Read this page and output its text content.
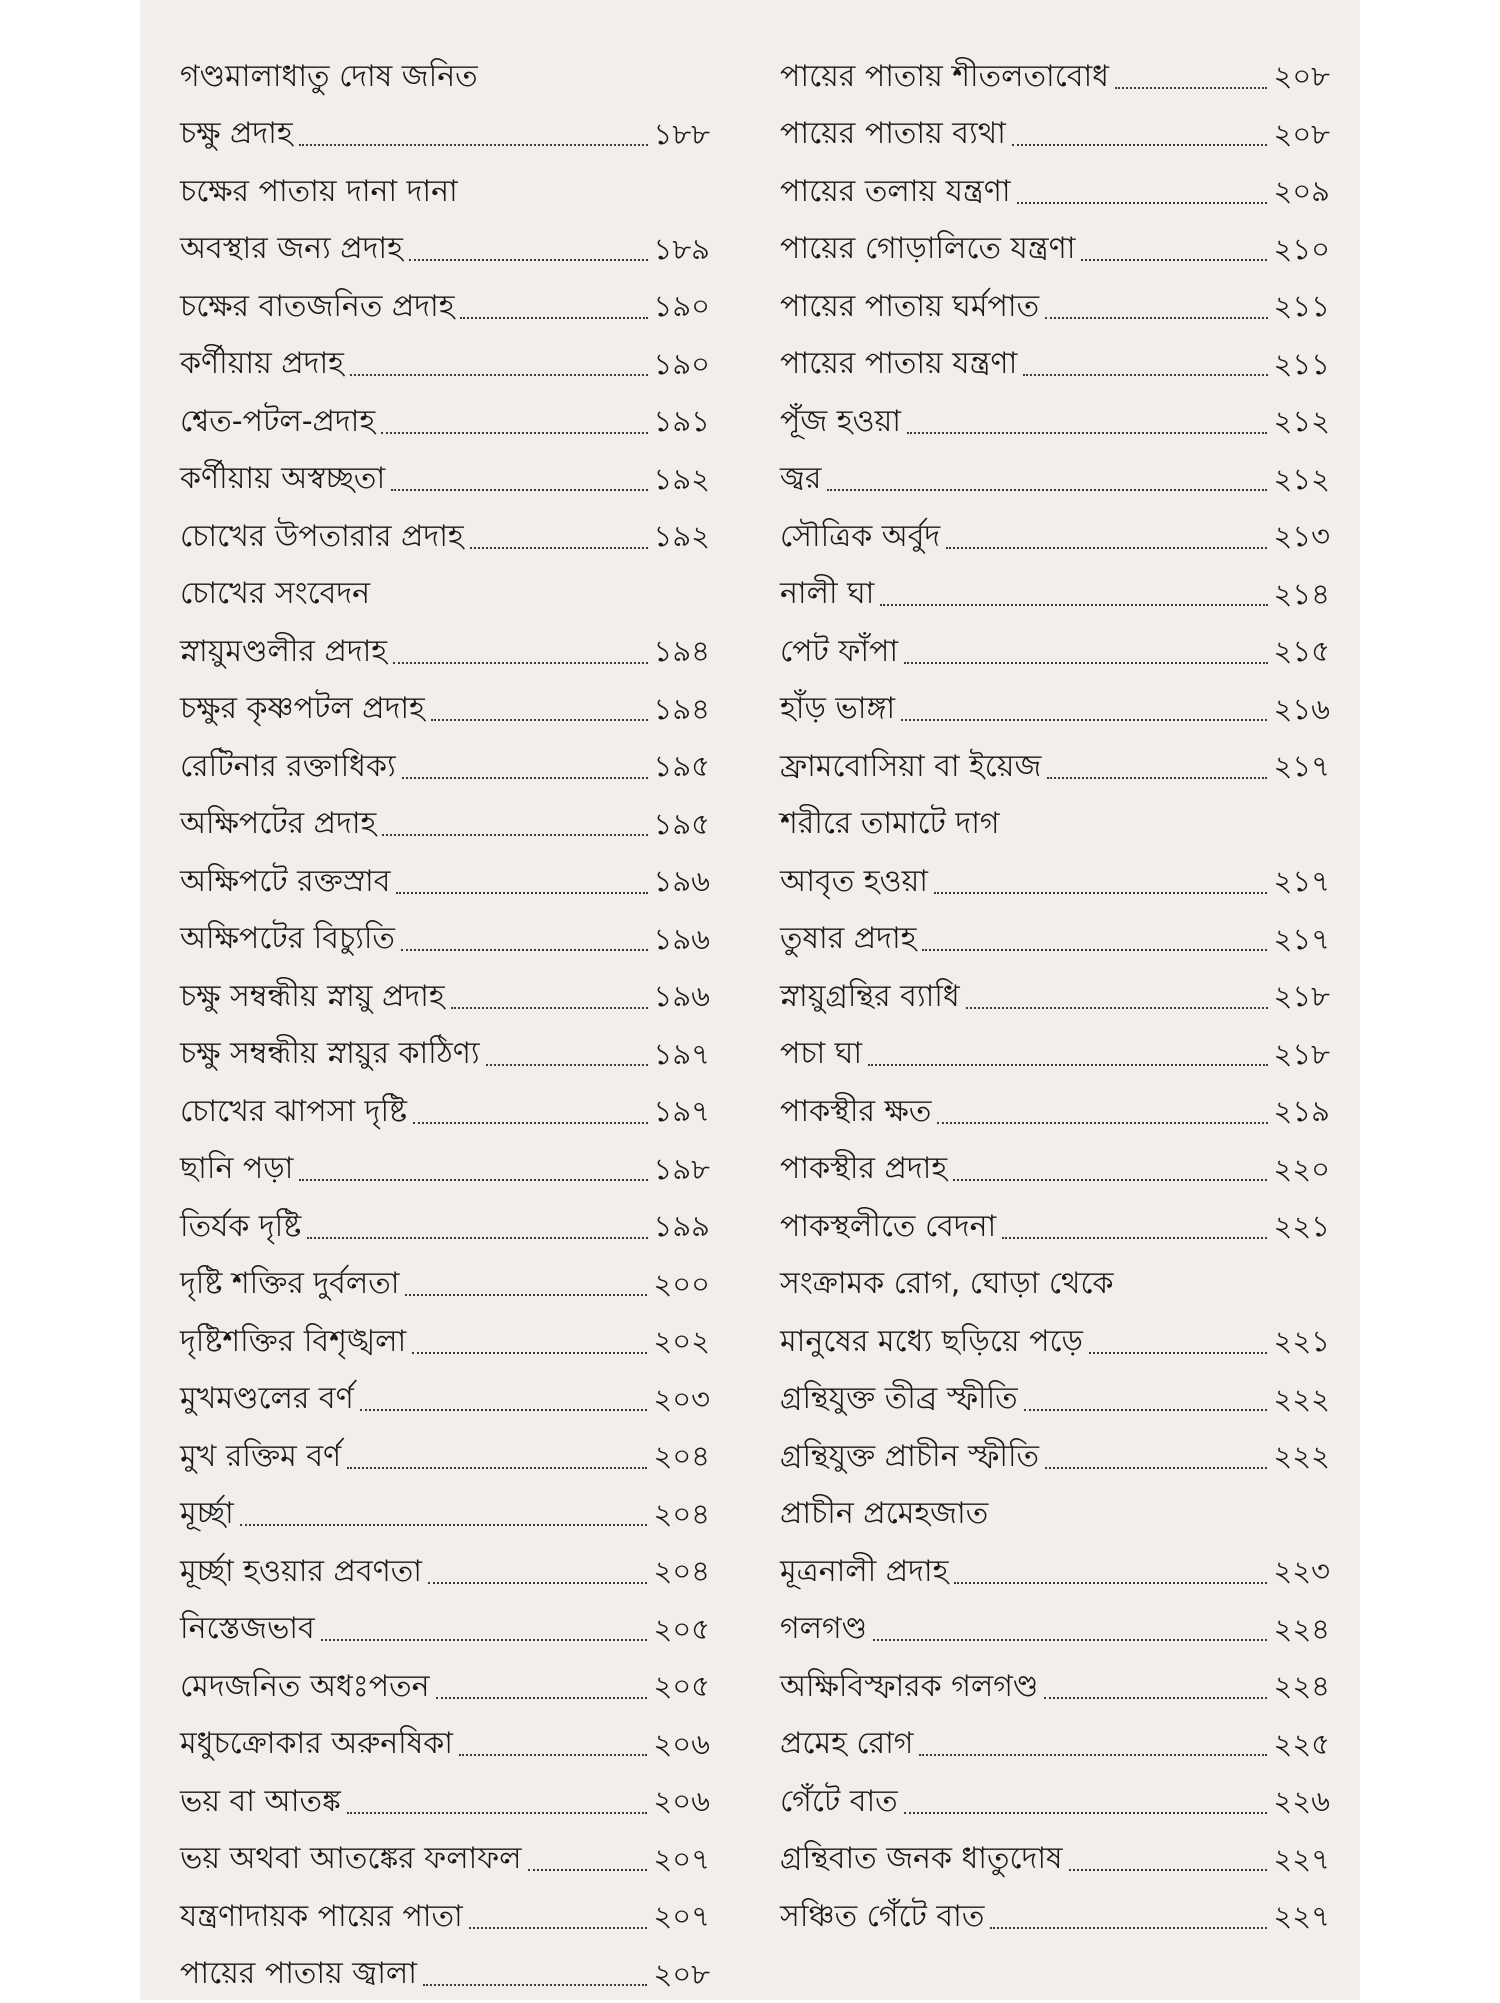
গণ্ডমালাধাতু দোষ জনিত
চক্ষু প্রদাহ	১৮৮
চক্ষের পাতায় দানা দানা
অবস্থার জন্য প্রদাহ	১৮৯
চক্ষের বাতজনিত প্রদাহ	১৯০
কর্ণীয়ায় প্রদাহ	১৯০
শ্বেত-পটল-প্রদাহ	১৯১
কর্ণীয়ায় অস্বচ্ছতা	১৯২
চোখের উপতারার প্রদাহ	১৯২
চোখের সংবেদন
স্নায়ুমণ্ডলীর প্রদাহ	১৯৪
চক্ষুর কৃষ্ণপটল প্রদাহ	১৯৪
রেটিনার রক্তাধিক্য	১৯৫
অক্ষিপটের প্রদাহ	১৯৫
অক্ষিপটে রক্তস্রাব	১৯৬
অক্ষিপটের বিচ্যুতি	১৯৬
চক্ষু সম্বন্ধীয় স্নায়ু প্রদাহ	১৯৬
চক্ষু সম্বন্ধীয় স্নায়ুর কাঠিণ্য	১৯৭
চোখের ঝাপসা দৃষ্টি	১৯৭
ছানি পড়া	১৯৮
তির্যক দৃষ্টি	১৯৯
দৃষ্টি শক্তির দুর্বলতা	২০০
দৃষ্টিশক্তির বিশৃঙ্খলা	২০২
মুখমণ্ডলের বর্ণ	২০৩
মুখ রক্তিম বর্ণ	২০৪
মূৰ্চ্ছা	২০৪
মূর্চ্ছা হওয়ার প্রবণতা	২০৪
নিস্তেজভাব	২০৫
মেদজনিত অধঃপতন	২০৫
মধুচক্রোকার অরুনষিকা	২০৬
ভয় বা আতঙ্ক	২০৬
ভয় অথবা আতঙ্কের ফলাফল	২০৭
যন্ত্রণাদায়ক পায়ের পাতা	২০৭
পায়ের পাতায় জ্বালা	২০৮
পায়ের পাতায় শীতলতাবোধ	২০৮
পায়ের পাতায় ব্যথা	২০৮
পায়ের তলায় যন্ত্রণা	২০৯
পায়ের গোড়ালিতে যন্ত্রণা	২১০
পায়ের পাতায় ঘর্মপাত	২১১
পায়ের পাতায় যন্ত্রণা	২১১
পূঁজ হওয়া	২১২
জ্বর	২১২
সৌত্রিক অর্বুদ	২১৩
নালী ঘা	২১৪
পেট ফাঁপা	২১৫
হাঁড় ভাঙ্গা	২১৬
ফ্রামবোসিয়া বা ইয়েজ	২১৭
শরীরে তামাটে দাগ
আবৃত হওয়া	২১৭
তুষার প্রদাহ	২১৭
স্নায়ুগ্রন্থির ব্যাধি	২১৮
পচা ঘা	২১৮
পাকস্থীর ক্ষত	২১৯
পাকস্থীর প্রদাহ	২২০
পাকস্থলীতে বেদনা	২২১
সংক্রামক রোগ, ঘোড়া থেকে
মানুষের মধ্যে ছড়িয়ে পড়ে	২২১
গ্রন্থিযুক্ত তীব্র স্ফীতি	২২২
গ্রন্থিযুক্ত প্রাচীন স্ফীতি	২২২
প্রাচীন প্রমেহজাত
মূত্রনালী প্রদাহ	২২৩
গলগণ্ড	২২৪
অক্ষিবিস্ফারক গলগণ্ড	২২৪
প্রমেহ রোগ	২২৫
গেঁটে বাত	২২৬
গ্রন্থিবাত জনক ধাতুদোষ	২২৭
সঞ্চিত গেঁটে বাত	২২৭
